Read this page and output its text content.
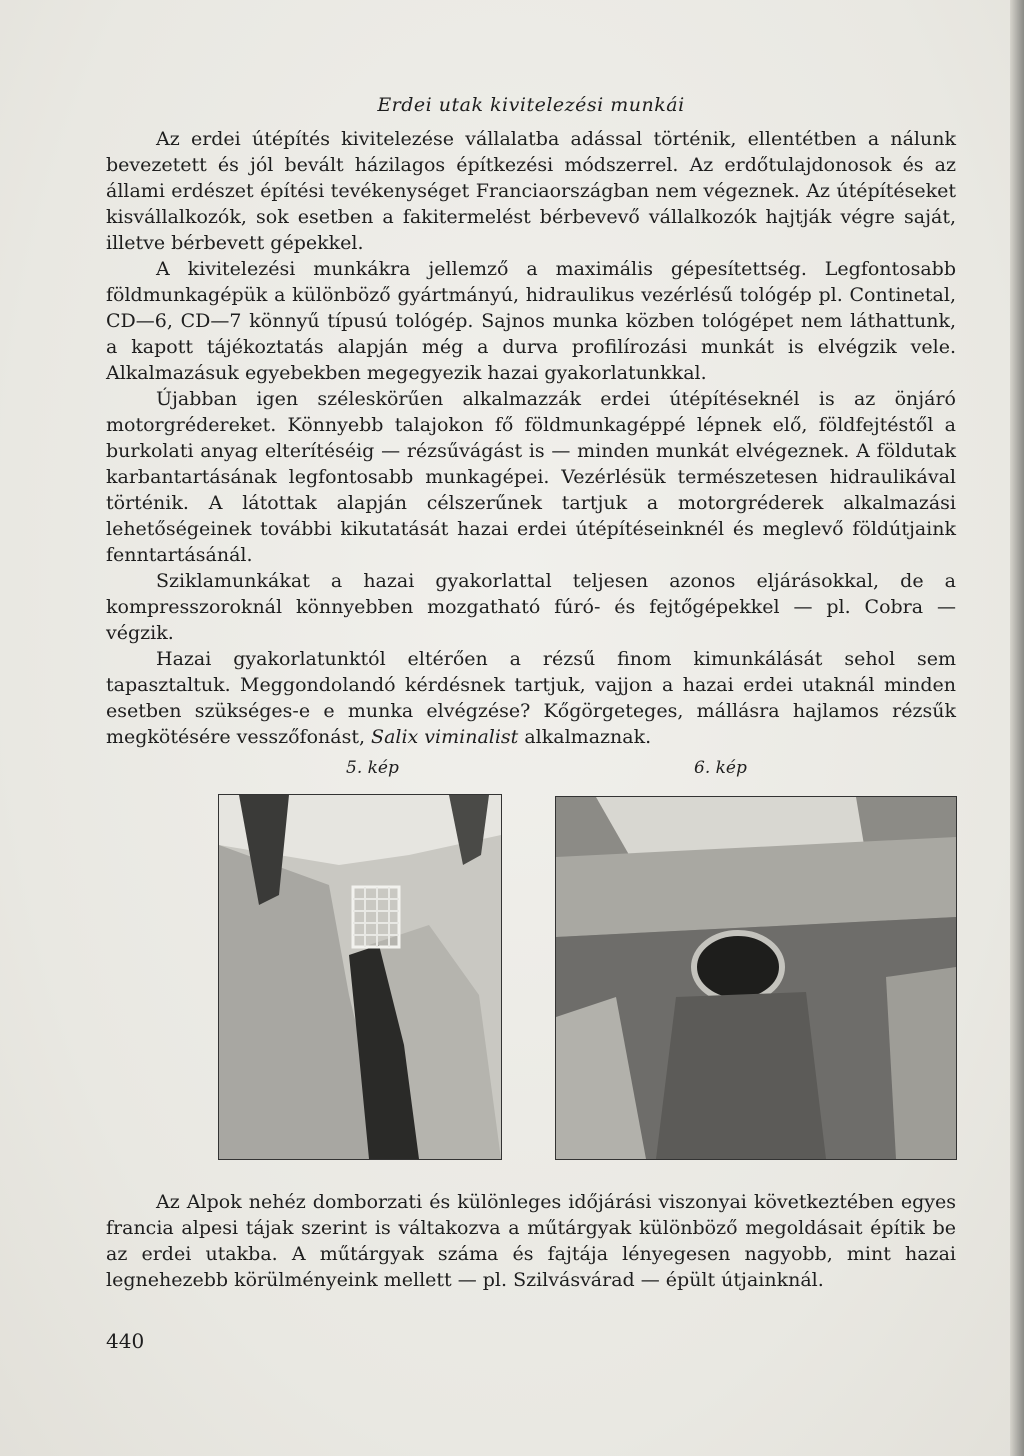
Erdei utak kivitelezési munkái

Az erdei útépítés kivitelezése vállalatba adással történik, ellentétben a nálunk bevezetett és jól bevált házilagos építkezési módszerrel. Az erdőtulajdonosok és az állami erdészet építési tevékenységet Franciaországban nem végeznek. Az útépítéseket kisvállalkozók, sok esetben a fakitermelést bérbevevő vállalkozók hajtják végre saját, illetve bérbevett gépekkel.

A kivitelezési munkákra jellemző a maximális gépesítettség. Legfontosabb földmunkagépük a különböző gyártmányú, hidraulikus vezérlésű tológép pl. Continetal, CD—6, CD—7 könnyű típusú tológép. Sajnos munka közben tológépet nem láthattunk, a kapott tájékoztatás alapján még a durva profilírozási munkát is elvégzik vele. Alkalmazásuk egyebekben megegyezik hazai gyakorlatunkkal.

Újabban igen széleskörűen alkalmazzák erdei útépítéseknél is az önjáró motorgrédereket. Könnyebb talajokon fő földmunkagéppé lépnek elő, földfejtéstől a burkolati anyag elterítéséig — rézsűvágást is — minden munkát elvégeznek. A földutak karbantartásának legfontosabb munkagépei. Vezérlésük természetesen hidraulikával történik. A látottak alapján célszerűnek tartjuk a motorgréderek alkalmazási lehetőségeinek további kikutatását hazai erdei útépítéseinknél és meglevő földútjaink fenntartásánál.

Sziklamunkákat a hazai gyakorlattal teljesen azonos eljárásokkal, de a kompresszoroknál könnyebben mozgatható fúró- és fejtőgépekkel — pl. Cobra — végzik.

Hazai gyakorlatunktól eltérően a rézsű finom kimunkálását sehol sem tapasztaltuk. Meggondolandó kérdésnek tartjuk, vajjon a hazai erdei utaknál minden esetben szükséges-e e munka elvégzése? Kőgörgeteges, mállásra hajlamos rézsűk megkötésére vesszőfonást, Salix viminalist alkalmaznak.

5. kép	6. kép

Az Alpok nehéz domborzati és különleges időjárási viszonyai következtében egyes francia alpesi tájak szerint is váltakozva a műtárgyak különböző megoldásait építik be az erdei utakba. A műtárgyak száma és fajtája lényegesen nagyobb, mint hazai legnehezebb körülményeink mellett — pl. Szilvásvárad — épült útjainknál.

440
